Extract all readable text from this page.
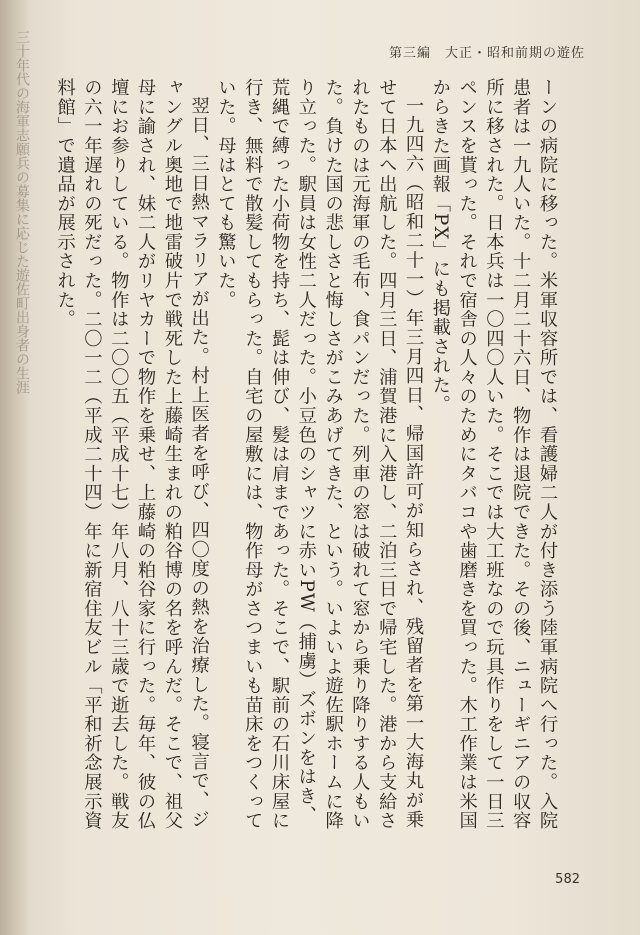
三十年代の海軍志願兵の募集に応じた遊佐町出身者の生涯	第三編 大正・昭和前期の遊佐
ーンの病院に移った。米軍収容所では、看護婦二人が付き添う陸軍病院へ行った。入院患者は一九人いた。十二月二十六日、物作は退院できた。その後、ニューギニアの収容所に移された。日本兵は一〇四〇人いた。そこでは大工班なので玩具作りをして一日三ペンスを貰った。それで宿舎の人々のためにタバコや歯磨きを買った。木工作業は米国からきた画報「PX」にも掲載された。
一九四六（昭和二十一）年三月四日、帰国許可が知らされ、残留者を第一大海丸が乗せて日本へ出航した。四月三日、浦賀港に入港し、二泊三日で帰宅した。港から支給されたものは元海軍の毛布、食パンだった。列車の窓は破れて窓から乗り降りする人もいた。負けた国の悲しさと悔しさがこみあげてきた、という。いよいよ遊佐駅ホームに降り立った。駅員は女性二人だった。小豆色のシャツに赤いPW（捕虜）ズボンをはき、荒縄で縛った小荷物を持ち、髭は伸び、髪は肩まであった。そこで、駅前の石川床屋に行き、無料で散髪してもらった。自宅の屋敷には、物作母がさつまいも苗床をつくっていた。母はとても驚いた。
翌日、三日熱マラリアが出た。村上医者を呼び、四〇度の熱を治療した。寝言で、ジャングル奥地で地雷破片で戦死した上藤崎生まれの粕谷博の名を呼んだ。そこで、祖父母に諭され、妹二人がリヤカーで物作を乗せ、上藤崎の粕谷家に行った。毎年、彼の仏壇にお参りしている。物作は二〇〇五（平成十七）年八月、八十三歳で逝去した。戦友の六一年遅れの死だった。二〇一二（平成二十四）年に新宿住友ビル「平和祈念展示資料館」で遺品が展示された。
582
